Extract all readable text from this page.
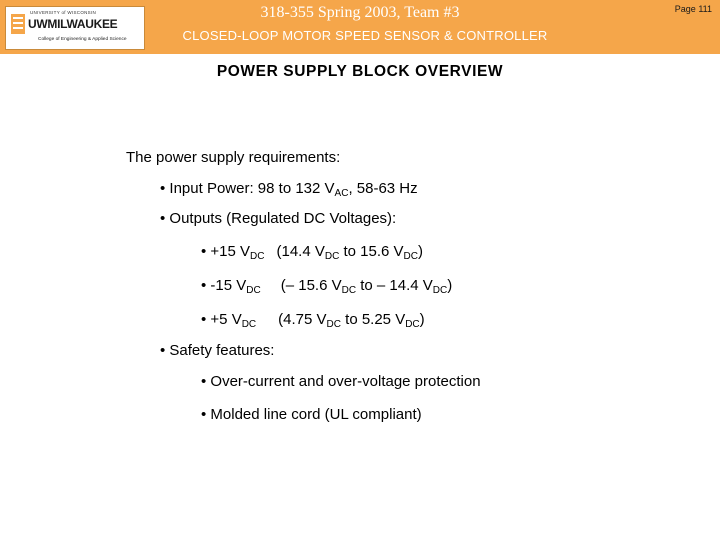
UNIVERSITY of WISCONSIN
UWMILWAUKEE
College of Engineering & Applied Science
318-355 Spring 2003, Team #3
CLOSED-LOOP MOTOR SPEED SENSOR & CONTROLLER
Page 111
POWER SUPPLY BLOCK OVERVIEW
The power supply requirements:
• Input Power: 98 to 132 $V_{AC}$, 58-63 Hz
• Outputs (Regulated DC Voltages):
• +15 $V_{DC}$ (14.4 $V_{DC}$ to 15.6 $V_{DC}$)
• -15 $V_{DC}$ (– 15.6 $V_{DC}$ to – 14.4 $V_{DC}$)
• +5 $V_{DC}$ (4.75 $V_{DC}$ to 5.25 $V_{DC}$)
• Safety features:
• Over-current and over-voltage protection
• Molded line cord (UL compliant)
